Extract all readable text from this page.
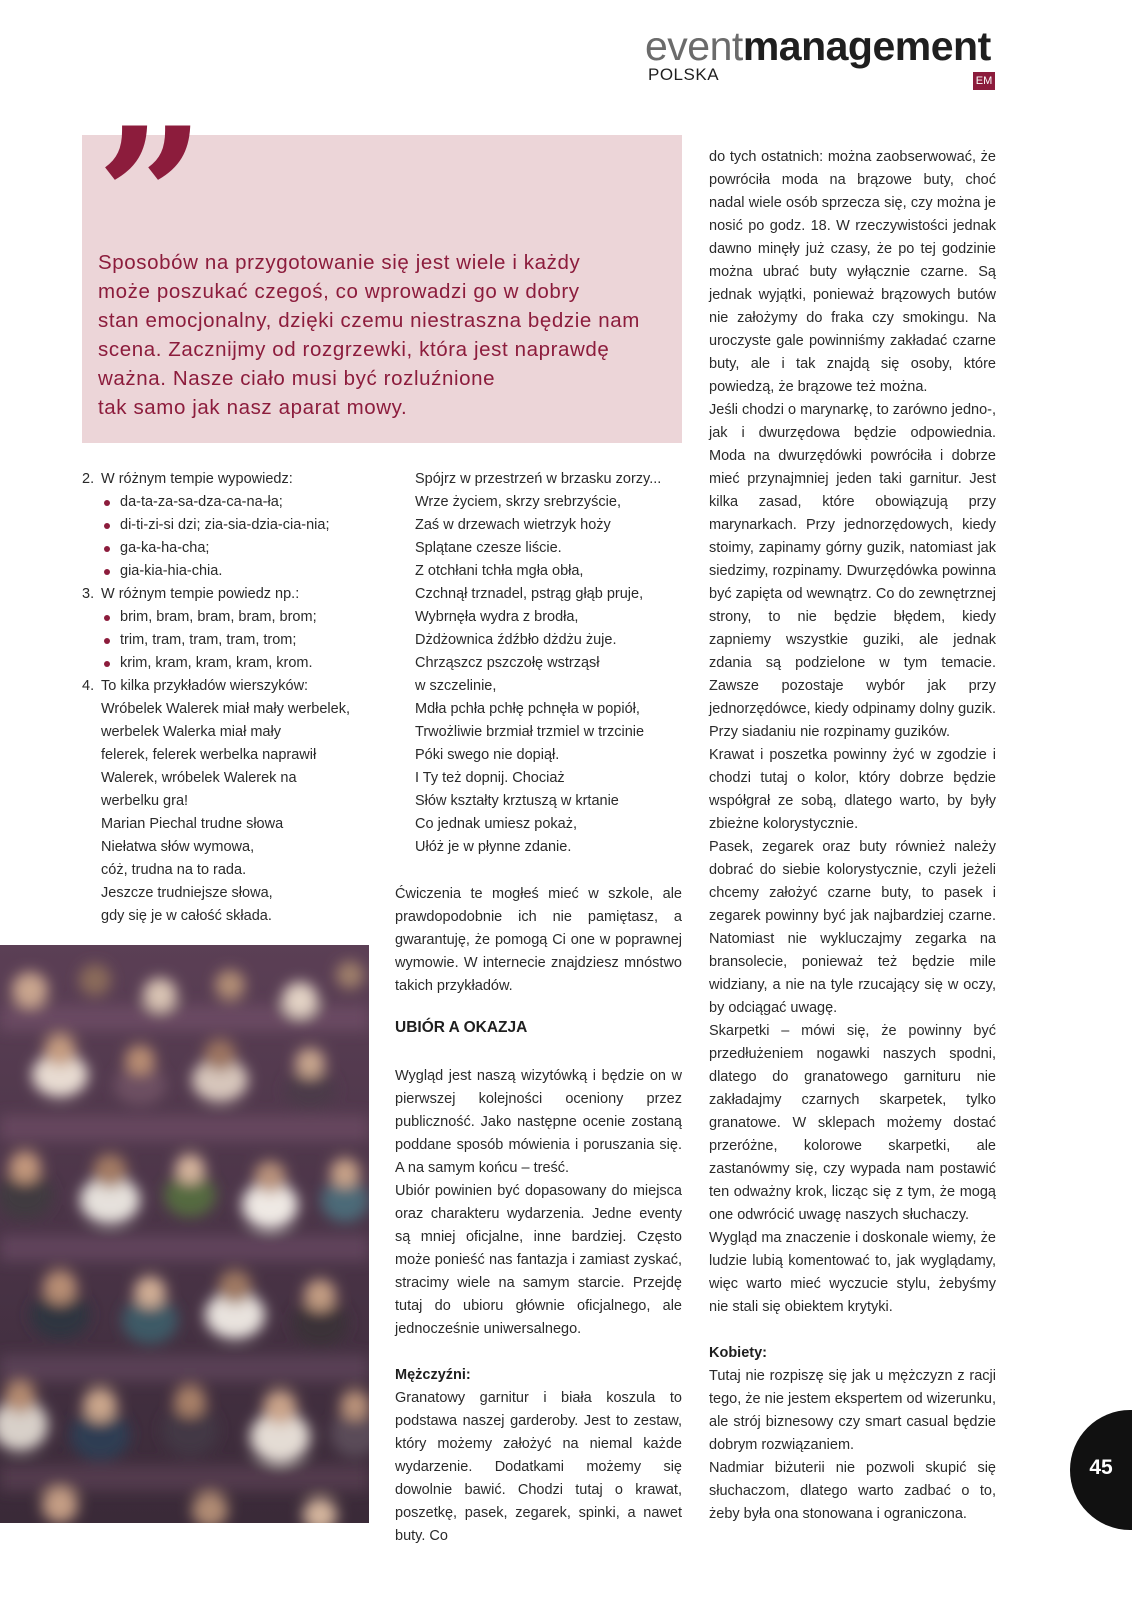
eventmanagement
POLSKA	EM
”
Sposobów na przygotowanie się jest wiele i każdy
może poszukać czegoś, co wprowadzi go w dobry
stan emocjonalny, dzięki czemu niestraszna będzie nam
scena. Zacznijmy od rozgrzewki, która jest naprawdę
ważna. Nasze ciało musi być rozluźnione
tak samo jak nasz aparat mowy.
2. W różnym tempie wypowiedz:
da-ta-za-sa-dza-ca-na-ła;
di-ti-zi-si dzi; zia-sia-dzia-cia-nia;
ga-ka-ha-cha;
gia-kia-hia-chia.
3. W różnym tempie powiedz np.:
brim, bram, bram, bram, brom;
trim, tram, tram, tram, trom;
krim, kram, kram, kram, krom.
4. To kilka przykładów wierszyków:
Wróbelek Walerek miał mały werbelek,
werbelek Walerka miał mały
felerek, felerek werbelka naprawił
Walerek, wróbelek Walerek na
werbelku gra!
Marian Piechal trudne słowa
Niełatwa słów wymowa,
cóż, trudna na to rada.
Jeszcze trudniejsze słowa,
gdy się je w całość składa.
Spójrz w przestrzeń w brzasku zorzy...
Wrze życiem, skrzy srebrzyście,
Zaś w drzewach wietrzyk hoży
Splątane czesze liście.
Z otchłani tchła mgła obła,
Czchnął trznadel, pstrąg głąb pruje,
Wybrnęła wydra z brodła,
Dżdżownica źdźbło dżdżu żuje.
Chrząszcz pszczołę wstrząsł
w szczelinie,
Mdła pchła pchłę pchnęła w popiół,
Trwożliwie brzmiał trzmiel w trzcinie
Póki swego nie dopiął.
I Ty też dopnij. Chociaż
Słów kształty krztuszą w krtanie
Co jednak umiesz pokaż,
Ułóż je w płynne zdanie.

Ćwiczenia te mogłeś mieć w szkole, ale prawdopodobnie ich nie pamiętasz, a gwarantuję, że pomogą Ci one w poprawnej wymowie. W internecie znajdziesz mnóstwo takich przykładów.

UBIÓR A OKAZJA

Wygląd jest naszą wizytówką i będzie on w pierwszej kolejności oceniony przez publiczność. Jako następne ocenie zostaną poddane sposób mówienia i poruszania się. A na samym końcu – treść.

Ubiór powinien być dopasowany do miejsca oraz charakteru wydarzenia. Jedne eventy są mniej oficjalne, inne bardziej. Często może ponieść nas fantazja i zamiast zyskać, stracimy wiele na samym starcie. Przejdę tutaj do ubioru głównie oficjalnego, ale jednocześnie uniwersalnego.

Mężczyźni:

Granatowy garnitur i biała koszula to podstawa naszej garderoby. Jest to zestaw, który możemy założyć na niemal każde wydarzenie. Dodatkami możemy się dowolnie bawić. Chodzi tutaj o krawat, poszetkę, pasek, zegarek, spinki, a nawet buty. Co

do tych ostatnich: można zaobserwować, że powróciła moda na brązowe buty, choć nadal wiele osób sprzecza się, czy można je nosić po godz. 18. W rzeczywistości jednak dawno minęły już czasy, że po tej godzinie można ubrać buty wyłącznie czarne. Są jednak wyjątki, ponieważ brązowych butów nie założymy do fraka czy smokingu. Na uroczyste gale powinniśmy zakładać czarne buty, ale i tak znajdą się osoby, które powiedzą, że brązowe też można.

Jeśli chodzi o marynarkę, to zarówno jedno-, jak i dwurzędowa będzie odpowiednia. Moda na dwurzędówki powróciła i dobrze mieć przynajmniej jeden taki garnitur. Jest kilka zasad, które obowiązują przy marynarkach. Przy jednorzędowych, kiedy stoimy, zapinamy górny guzik, natomiast jak siedzimy, rozpinamy. Dwurzędówka powinna być zapięta od wewnątrz. Co do zewnętrznej strony, to nie będzie błędem, kiedy zapniemy wszystkie guziki, ale jednak zdania są podzielone w tym temacie. Zawsze pozostaje wybór jak przy jednorzędówce, kiedy odpinamy dolny guzik. Przy siadaniu nie rozpinamy guzików.

Krawat i poszetka powinny żyć w zgodzie i chodzi tutaj o kolor, który dobrze będzie współgrał ze sobą, dlatego warto, by były zbieżne kolorystycznie.

Pasek, zegarek oraz buty również należy dobrać do siebie kolorystycznie, czyli jeżeli chcemy założyć czarne buty, to pasek i zegarek powinny być jak najbardziej czarne. Natomiast nie wykluczajmy zegarka na bransolecie, ponieważ też będzie mile widziany, a nie na tyle rzucający się w oczy, by odciągać uwagę.

Skarpetki – mówi się, że powinny być przedłużeniem nogawki naszych spodni, dlatego do granatowego garnituru nie zakładajmy czarnych skarpetek, tylko granatowe. W sklepach możemy dostać przeróżne, kolorowe skarpetki, ale zastanówmy się, czy wypada nam postawić ten odważny krok, licząc się z tym, że mogą one odwrócić uwagę naszych słuchaczy.

Wygląd ma znaczenie i doskonale wiemy, że ludzie lubią komentować to, jak wyglądamy, więc warto mieć wyczucie stylu, żebyśmy nie stali się obiektem krytyki.

Kobiety:

Tutaj nie rozpiszę się jak u mężczyzn z racji tego, że nie jestem ekspertem od wizerunku, ale strój biznesowy czy smart casual będzie dobrym rozwiązaniem.

Nadmiar biżuterii nie pozwoli skupić się słuchaczom, dlatego warto zadbać o to, żeby była ona stonowana i ograniczona.

45
